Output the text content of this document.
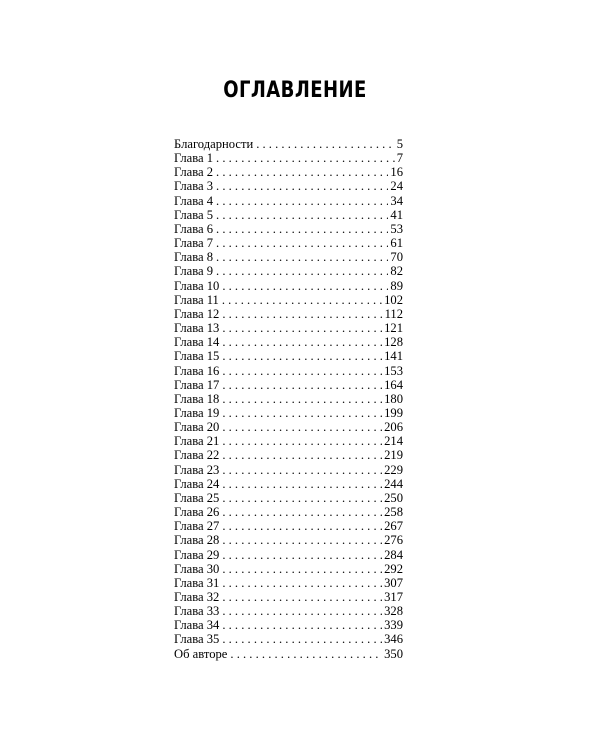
ОГЛАВЛЕНИЕ
Благодарности . . .	5
Глава 1 . . .	7
Глава 2 . . .	16
Глава 3 . . .	24
Глава 4 . . .	34
Глава 5 . . .	41
Глава 6 . . .	53
Глава 7 . . .	61
Глава 8 . . .	70
Глава 9 . . .	82
Глава 10 . . .	89
Глава 11 . . .	102
Глава 12 . . .	112
Глава 13 . . .	121
Глава 14 . . .	128
Глава 15 . . .	141
Глава 16 . . .	153
Глава 17 . . .	164
Глава 18 . . .	180
Глава 19 . . .	199
Глава 20 . . .	206
Глава 21 . . .	214
Глава 22 . . .	219
Глава 23 . . .	229
Глава 24 . . .	244
Глава 25 . . .	250
Глава 26 . . .	258
Глава 27 . . .	267
Глава 28 . . .	276
Глава 29 . . .	284
Глава 30 . . .	292
Глава 31 . . .	307
Глава 32 . . .	317
Глава 33 . . .	328
Глава 34 . . .	339
Глава 35 . . .	346
Об авторе . . .	350
